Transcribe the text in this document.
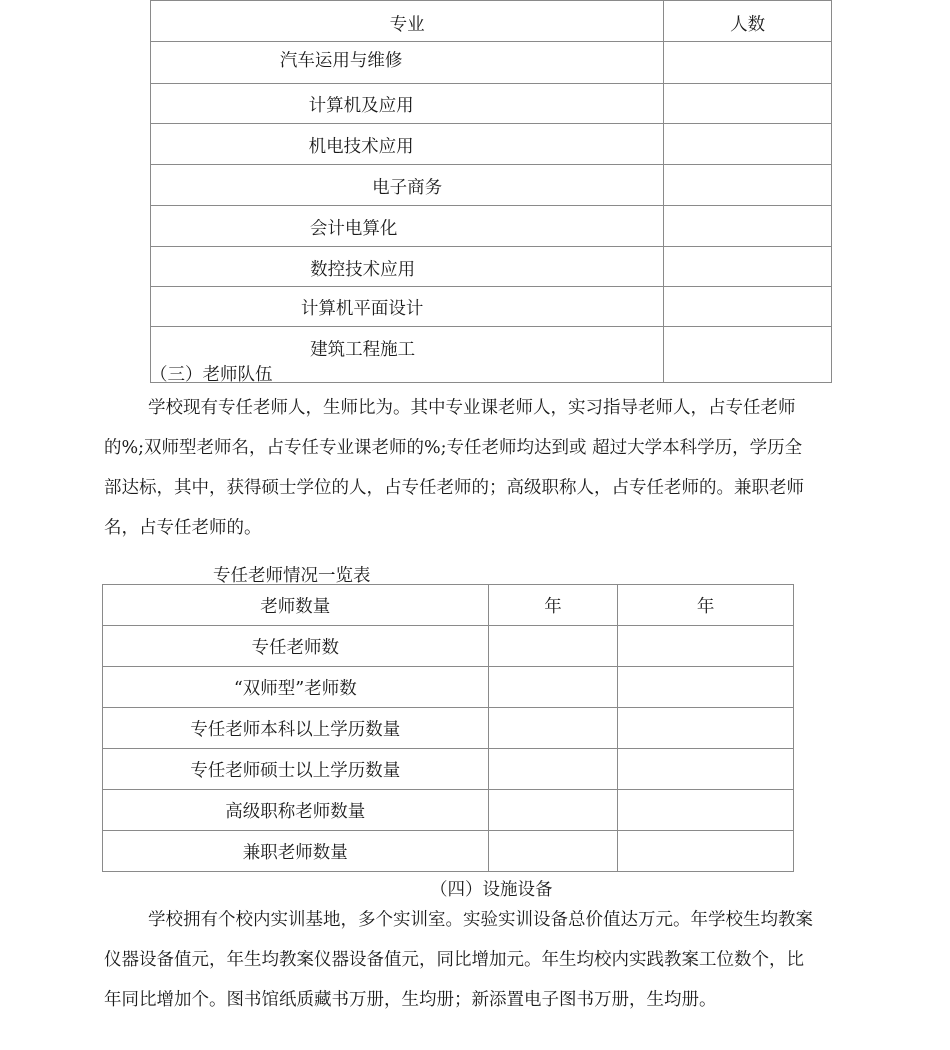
专业	人数

汽车运用与维修	

计算机及应用	

机电技术应用	

电子商务	

会计电算化	

数控技术应用	

计算机平面设计	

建筑工程施工	

（三）老师队伍
学校现有专任老师人，生师比为。其中专业课老师人，实习指导老师人，占专任老师
的%;双师型老师名，占专任专业课老师的%;专任老师均达到或 超过大学本科学历，学历全
部达标，其中，获得硕士学位的人，占专任老师的；高级职称人，占专任老师的。兼职老师
名，占专任老师的。
专任老师情况一览表
老师数量	年	年
专任老师数		
“双师型”老师数		
专任老师本科以上学历数量		
专任老师硕士以上学历数量		
高级职称老师数量		
兼职老师数量		
（四）设施设备
学校拥有个校内实训基地，多个实训室。实验实训设备总价值达万元。年学校生均教案
仪器设备值元，年生均教案仪器设备值元，同比增加元。年生均校内实践教案工位数个，比
年同比增加个。图书馆纸质藏书万册，生均册；新添置电子图书万册，生均册。
